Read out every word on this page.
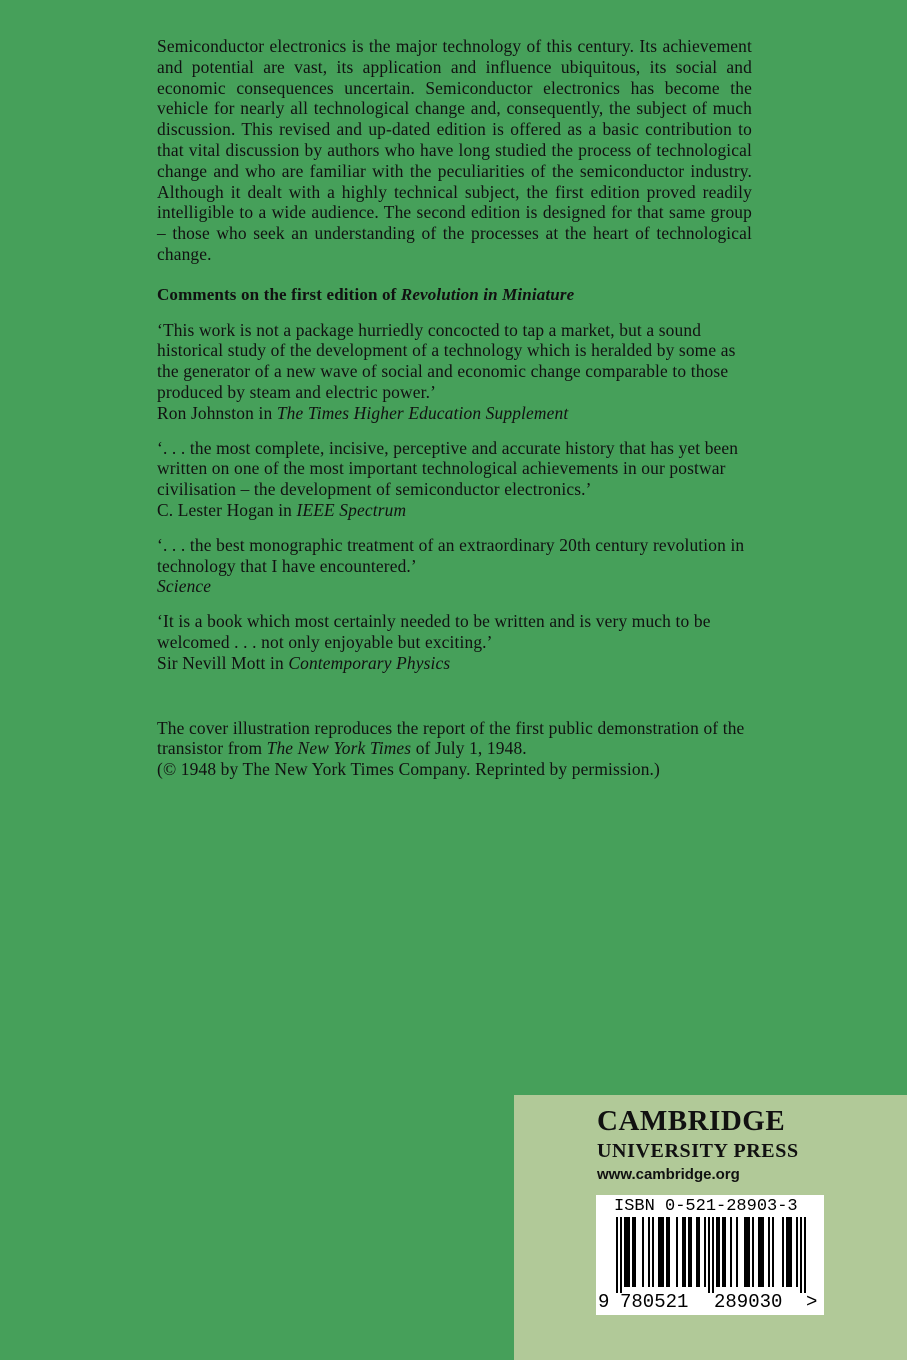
Semiconductor electronics is the major technology of this century. Its achievement and potential are vast, its application and influence ubiquitous, its social and economic consequences uncertain. Semiconductor electronics has become the vehicle for nearly all technological change and, consequently, the subject of much discussion. This revised and up-dated edition is offered as a basic contribution to that vital discussion by authors who have long studied the process of technological change and who are familiar with the peculiarities of the semiconductor industry. Although it dealt with a highly technical subject, the first edition proved readily intelligible to a wide audience. The second edition is designed for that same group – those who seek an understanding of the processes at the heart of technological change.

Comments on the first edition of Revolution in Miniature

‘This work is not a package hurriedly concocted to tap a market, but a sound historical study of the development of a technology which is heralded by some as the generator of a new wave of social and economic change comparable to those produced by steam and electric power.’
Ron Johnston in The Times Higher Education Supplement

‘. . . the most complete, incisive, perceptive and accurate history that has yet been written on one of the most important technological achievements in our postwar civilisation – the development of semiconductor electronics.’
C. Lester Hogan in IEEE Spectrum

‘. . . the best monographic treatment of an extraordinary 20th century revolution in technology that I have encountered.’
Science

‘It is a book which most certainly needed to be written and is very much to be welcomed . . . not only enjoyable but exciting.’
Sir Nevill Mott in Contemporary Physics

The cover illustration reproduces the report of the first public demonstration of the transistor from The New York Times of July 1, 1948.
(© 1948 by The New York Times Company. Reprinted by permission.)

CAMBRIDGE
UNIVERSITY PRESS
www.cambridge.org
ISBN 0-521-28903-3
9 780521 289030 >
